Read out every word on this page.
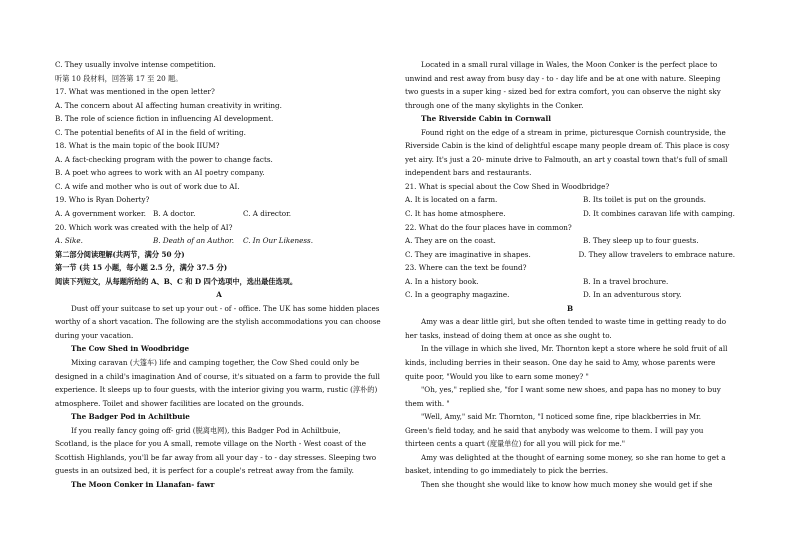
C. They usually involve intense competition.
听第 10 段材料，回答第 17 至 20 题。
17. What was mentioned in the open letter?
A. The concern about AI affecting human creativity in writing.
B. The role of science fiction in influencing AI development.
C. The potential benefits of AI in the field of writing.
18. What is the main topic of the book IIUM?
A. A fact-checking program with the power to change facts.
B. A poet who agrees to work with an AI poetry company.
C. A wife and mother who is out of work due to AI.
19. Who is Ryan Doherty?
A. A government worker. B. A doctor.	C. A director.
20. Which work was created with the help of AI?
A. Sike.	B. Death of an Author.	C. In Our Likeness.
第二部分阅读理解(共两节，满分 50 分)
第一节 (共 15 小题，每小题 2.5 分，满分 37.5 分)
阅读下列短文，从每题所给的 A、B、C 和 D 四个选项中，选出最佳选项。
A
Dust off your suitcase to set up your out - of - office. The UK has some hidden places
worthy of a short vacation. The following are the stylish accommodations you can choose
during your vacation.
The Cow Shed in Woodbridge
Mixing caravan (大篷车) life and camping together, the Cow Shed could only be
designed in a child's imagination And of course, it's situated on a farm to provide the full
experience. It sleeps up to four guests, with the interior giving you warm, rustic (淳朴的)
atmosphere. Toilet and shower facilities are located on the grounds.
The Badger Pod in Achiltbuie
If you really fancy going off- grid (脱离电网), this Badger Pod in Achiltbuie,
Scotland, is the place for you A small, remote village on the North - West coast of the
Scottish Highlands, you'll be far away from all your day - to - day stresses. Sleeping two
guests in an outsized bed, it is perfect for a couple's retreat away from the family.
The Moon Conker in Llanafan- fawr
Located in a small rural village in Wales, the Moon Conker is the perfect place to
unwind and rest away from busy day - to - day life and be at one with nature. Sleeping
two guests in a super king - sized bed for extra comfort, you can observe the night sky
through one of the many skylights in the Conker.
The Riverside Cabin in Cornwall
Found right on the edge of a stream in prime, picturesque Cornish countryside, the
Riverside Cabin is the kind of delightful escape many people dream of. This place is cosy
yet airy. It's just a 20- minute drive to Falmouth, an art y coastal town that's full of small
independent bars and restaurants.
21. What is special about the Cow Shed in Woodbridge?
A. It is located on a farm.	B. Its toilet is put on the grounds.
C. It has home atmosphere.	D. It combines caravan life with camping.
22. What do the four places have in common?
A. They are on the coast.	B. They sleep up to four guests.
C. They are imaginative in shapes.	D. They allow travelers to embrace nature.
23. Where can the text be found?
A. In a history book.	B. In a travel brochure.
C. In a geography magazine.	D. In an adventurous story.
B
Amy was a dear little girl, but she often tended to waste time in getting ready to do
her tasks, instead of doing them at once as she ought to.
In the village in which she lived, Mr. Thornton kept a store where he sold fruit of all
kinds, including berries in their season. One day he said to Amy, whose parents were
quite poor, "Would you like to earn some money? "
"Oh, yes," replied she, "for I want some new shoes, and papa has no money to buy
them with. "
"Well, Amy," said Mr. Thornton, "I noticed some fine, ripe blackberries in Mr.
Green's field today, and he said that anybody was welcome to them. I will pay you
thirteen cents a quart (度量单位) for all you will pick for me."
Amy was delighted at the thought of earning some money, so she ran home to get a
basket, intending to go immediately to pick the berries.
Then she thought she would like to know how much money she would get if she
